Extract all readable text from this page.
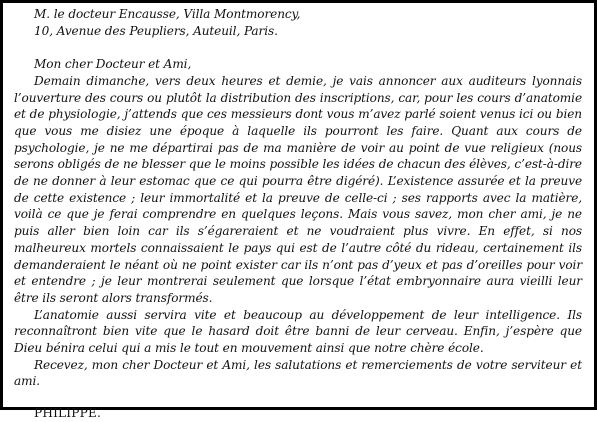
M. le docteur Encausse, Villa Montmorency,
10, Avenue des Peupliers, Auteuil, Paris.
Mon cher Docteur et Ami,

Demain dimanche, vers deux heures et demie, je vais annoncer aux auditeurs lyonnais l’ouverture des cours ou plutôt la distribution des inscriptions, car, pour les cours d’anatomie et de physiologie, j’attends que ces messieurs dont vous m’avez parlé soient venus ici ou bien que vous me disiez une époque à laquelle ils pourront les faire. Quant aux cours de psychologie, je ne me départirai pas de ma manière de voir au point de vue religieux (nous serons obligés de ne blesser que le moins possible les idées de chacun des élèves, c’est-à-dire de ne donner à leur estomac que ce qui pourra être digéré). L’existence assurée et la preuve de cette existence ; leur immortalité et la preuve de celle-ci ; ses rapports avec la matière, voilà ce que je ferai comprendre en quelques leçons. Mais vous savez, mon cher ami, je ne puis aller bien loin car ils s’égareraient et ne voudraient plus vivre. En effet, si nos malheureux mortels connaissaient le pays qui est de l’autre côté du rideau, certainement ils demanderaient le néant où ne point exister car ils n’ont pas d’yeux et pas d’oreilles pour voir et entendre ; je leur montrerai seulement que lorsque l’état embryonnaire aura vieilli leur être ils seront alors transformés.

L’anatomie aussi servira vite et beaucoup au développement de leur intelligence. Ils reconnaîtront bien vite que le hasard doit être banni de leur cerveau. Enfin, j’espère que Dieu bénira celui qui a mis le tout en mouvement ainsi que notre chère école.

Recevez, mon cher Docteur et Ami, les salutations et remerciements de votre serviteur et ami.

PHILIPPE.
